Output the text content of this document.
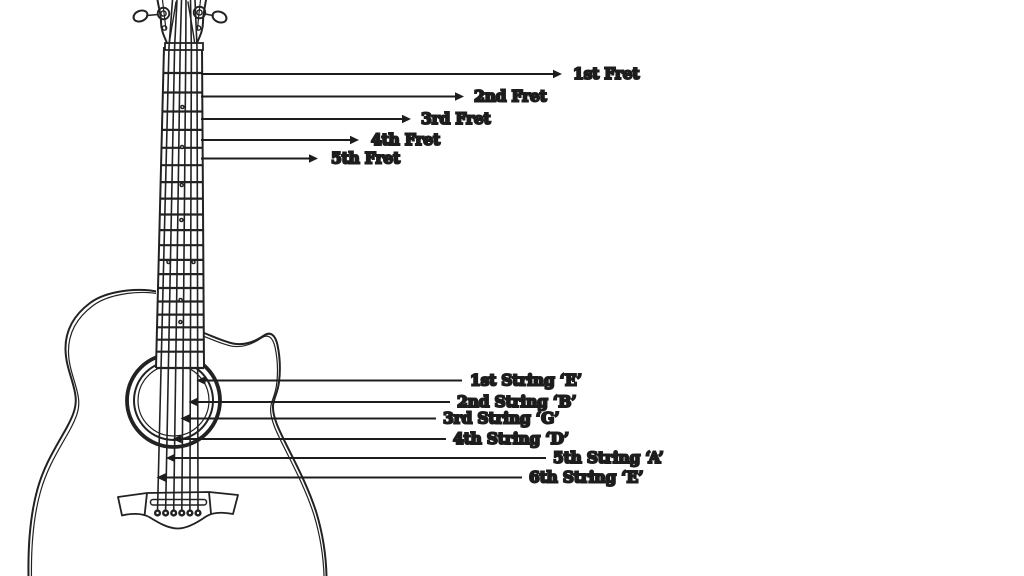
1st Fret
2nd Fret
3rd Fret
4th Fret
5th Fret
1st String ‘E’
2nd String ‘B’
3rd String ‘G’
4th String ‘D’
5th String ‘A’
6th String ‘E’
